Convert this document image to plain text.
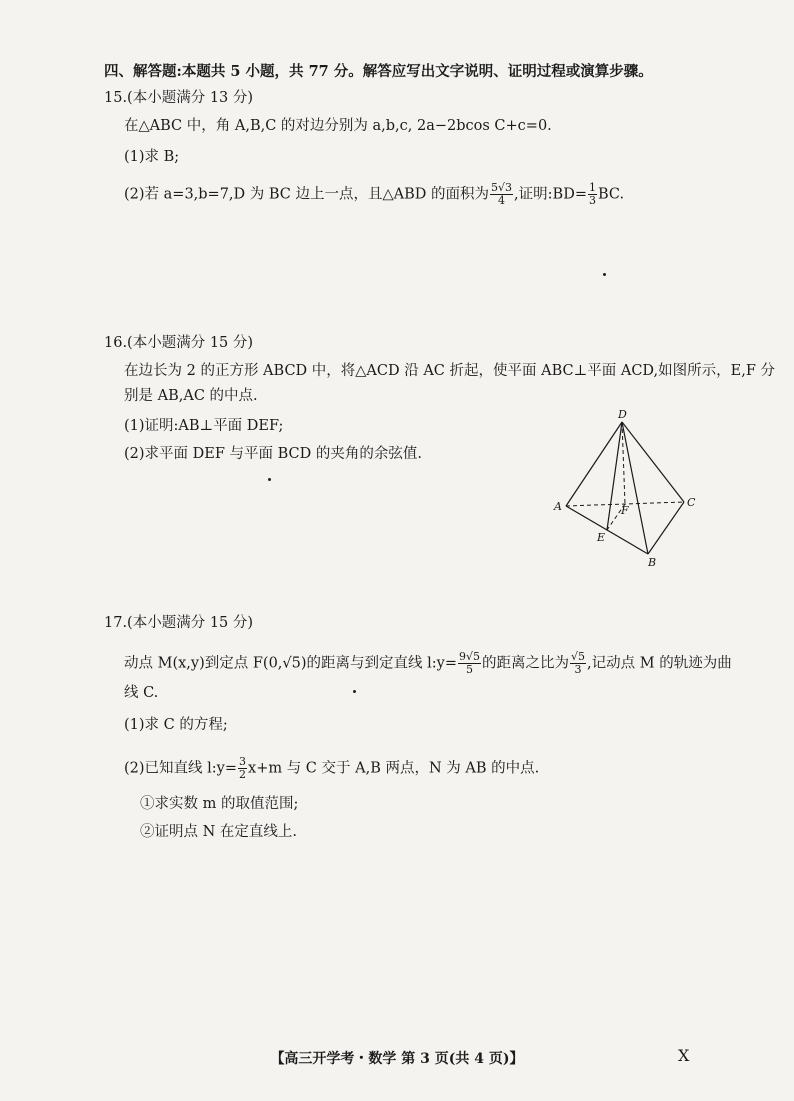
四、解答题:本题共 5 小题，共 77 分。解答应写出文字说明、证明过程或演算步骤。
15.(本小题满分 13 分)
在△ABC 中，角 A,B,C 的对边分别为 a,b,c, 2a−2bcos C+c=0.
(1)求 B;
(2)若 a=3,b=7,D 为 BC 边上一点，且△ABD 的面积为 $\frac{5√3}{4}$ ,证明:BD= $\frac{1}{3}$ BC.
16.(本小题满分 15 分)
在边长为 2 的正方形 ABCD 中，将△ACD 沿 AC 折起，使平面 ABC⊥平面 ACD,如图所示，E,F 分
别是 AB,AC 的中点.
(1)证明:AB⊥平面 DEF;
(2)求平面 DEF 与平面 BCD 的夹角的余弦值.
D
A	C
B
E
F
17.(本小题满分 15 分)
动点 M(x,y)到定点 F(0,√5)的距离与到定直线 l:y= $\frac{9√5}{5}$ 的距离之比为 $\frac{√5}{3}$ ,记动点 M 的轨迹为曲
线 C.
(1)求 C 的方程;
(2)已知直线 l:y= $\frac{3}{2} x+m$ 与 C 交于 A,B 两点，N 为 AB 的中点.
①求实数 m 的取值范围;
②证明点 N 在定直线上.
【高三开学考・数学 第 3 页(共 4 页)】	X
